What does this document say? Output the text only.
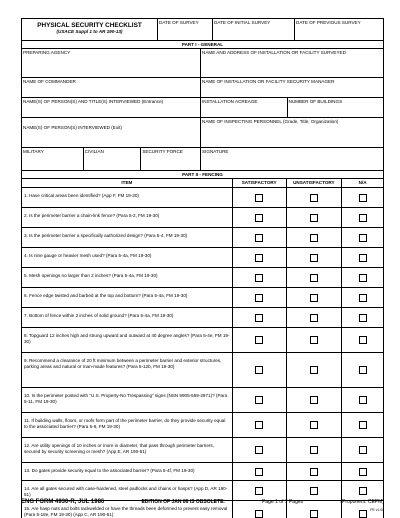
PHYSICAL SECURITY CHECKLIST
(USACE Suppl 1 to AR 190-13)
DATE OF SURVEY	DATE OF INITIAL SURVEY	DATE OF PREVIOUS SURVEY
PART I - GENERAL
PREPARING AGENCY	NAME AND ADDRESS OF INSTALLATION OR FACILITY SURVEYED
NAME OF COMMANDER	NAME OF INSTALLATION OR FACILITY SECURITY MANAGER
NAME(S) OF PERSON(S) AND TITLE(S) INTERVIEWED (Entrance)	INSTALLATION ACREAGE	NUMBER OF BUILDINGS
NAME(S) OF PERSON(S) INTERVIEWED (Exit)
NAME OF INSPECTING PERSONNEL (Grade, Title, Organization)
MILITARY	CIVILIAN	SECURITY FORCE	SIGNATURE
PART II - FENCING
ITEM	SATISFACTORY	UNSATISFACTORY	N/A
1. Have critical areas been identified? (App F, FM 19-30)
2. Is the perimeter barrier a chain-link fence? (Para 5-2, FM 19-30)
3. Is the perimeter barrier a specifically authorized design? (Para 5-4, FM 19-30)
4. Is nine gauge or heavier mesh used? (Para 5-4a, FM 19-30)
5. Mesh openings no larger than 2 inches? (Para 5-4a, FM 19-30)
6. Fence edge twisted and barbed at the top and bottom? (Para 5-4a, FM 19-30)
7. Bottom of fence within 2 inches of solid ground? (Para 5-4a, FM 19-30)
8. Topguard 12 inches high and strung upward and outward at 40 degree angles? (Para 5-4e, FM 19-30)
9. Recommend a clearance of 20 ft minimum between a perimeter barrier and exterior structures, parking areas and natural or man-made features? (Para 5-12b, FM 19-30)
10. Is the perimeter posted with "U.S. Property-No Trespassing" signs (NSN 9905-559-2971)? (Para 5-11, FM 19-30)
11. If building walls, floors, or roofs form part of the perimeter barrier, do they provide security equal to the associated barrier? (Para 5-6, FM 19-30)
12. Are utility openings of 10 inches or more in diameter, that pass through perimeter barriers, secured by security screening or mesh? (App E, AR 190-51)
13. Do gates provide security equal to the associated barrier? (Para 5-4f, FM 19-30)
14. Are all gates secured with case-hardened, steel padlocks and chains or hasps? (App D, AR 190-51)
15. Are hasp nuts and bolts tackwelded or have the threads been deformed to prevent easy removal (Para 5-18e, FM 19-30) (App C, AR 190-51)
ENG FORM 4930-R, JUL 1986	EDITION OF JAN 86 IS OBSOLETE.	Page 1 of 7 Pages	(Proponent: CEPM)
PE v1.00
